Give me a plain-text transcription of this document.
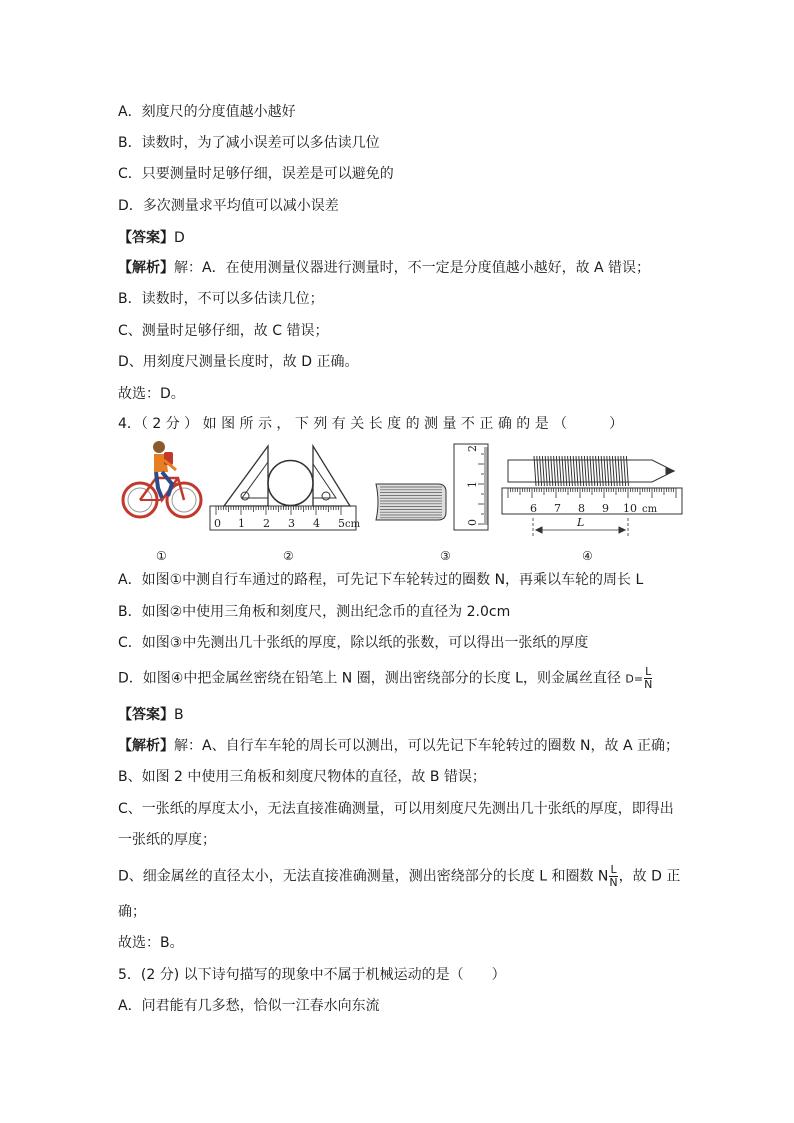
A．刻度尺的分度值越小越好
B．读数时，为了减小误差可以多估读几位
C．只要测量时足够仔细，误差是可以避免的
D．多次测量求平均值可以减小误差
【答案】D
【解析】解：A．在使用测量仪器进行测量时，不一定是分度值越小越好，故 A 错误；
B．读数时，不可以多估读几位；
C、测量时足够仔细，故 C 错误；
D、用刻度尺测量长度时，故 D 正确。
故选：D。
4．（ 2 分 ） 如 图 所 示 ， 下 列 有 关 长 度 的 测 量 不 正 确 的 是 （　　　）
0 1 2 3 4 5 cm	0
1
2
6 7 8 9 10 cm
L
①	②	③	④
A．如图①中测自行车通过的路程，可先记下车轮转过的圈数 N，再乘以车轮的周长 L
B．如图②中使用三角板和刻度尺，测出纪念币的直径为 2.0cm
C．如图③中先测出几十张纸的厚度，除以纸的张数，可以得出一张纸的厚度
D．如图④中把金属丝密绕在铅笔上 N 圈，测出密绕部分的长度 L，则金属丝直径 $D= \frac{L}{N}$
【答案】B
【解析】解：A、自行车车轮的周长可以测出，可以先记下车轮转过的圈数 N，故 A 正确；
B、如图 2 中使用三角板和刻度尺物体的直径，故 B 错误；
C、一张纸的厚度太小，无法直接准确测量，可以用刻度尺先测出几十张纸的厚度，即得出
一张纸的厚度；
D、细金属丝的直径太小，无法直接准确测量，测出密绕部分的长度 L 和圈数 N $\frac{L}{N}$ ，故 D 正
确；
故选：B。
5．(2 分) 以下诗句描写的现象中不属于机械运动的是（　　）
A．问君能有几多愁，恰似一江春水向东流
